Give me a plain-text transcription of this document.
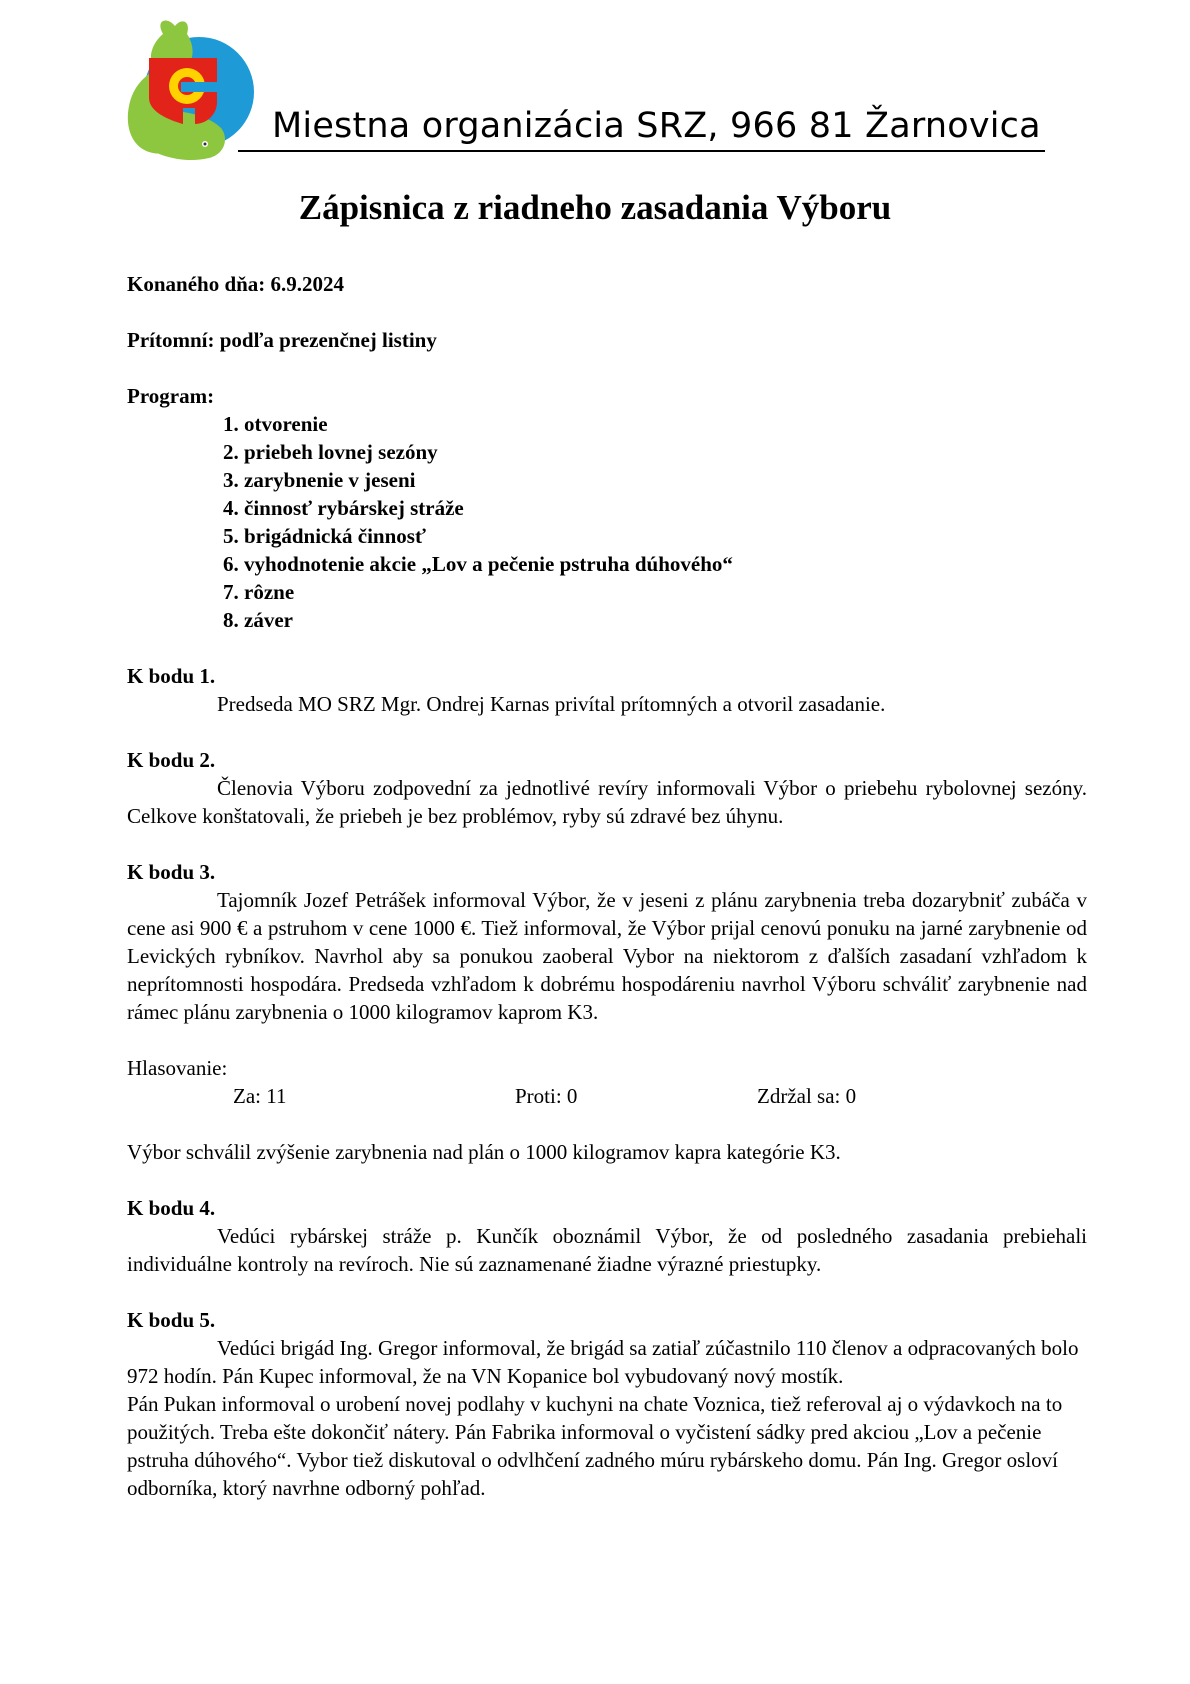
Miestna organizácia SRZ, 966 81 Žarnovica
Zápisnica z riadneho zasadania Výboru
Konaného dňa: 6.9.2024
Prítomní: podľa prezenčnej listiny
Program:
1. otvorenie
2. priebeh lovnej sezóny
3. zarybnenie v jeseni
4. činnosť rybárskej stráže
5. brigádnická činnosť
6. vyhodnotenie akcie „Lov a pečenie pstruha dúhového“
7. rôzne
8. záver
K bodu 1.

Predseda MO SRZ Mgr. Ondrej Karnas privítal prítomných a otvoril zasadanie.

K bodu 2.

Členovia Výboru zodpovední za jednotlivé revíry informovali Výbor o priebehu rybolovnej sezóny. Celkove konštatovali, že priebeh je bez problémov, ryby sú zdravé bez úhynu.

K bodu 3.

Tajomník Jozef Petrášek informoval Výbor, že v jeseni z plánu zarybnenia treba dozarybniť zubáča v cene asi 900 € a pstruhom v cene 1000 €. Tiež informoval, že Výbor prijal cenovú ponuku na jarné zarybnenie od Levických rybníkov. Navrhol aby sa ponukou zaoberal Vybor na niektorom z ďalších zasadaní vzhľadom k neprítomnosti hospodára. Predseda vzhľadom k dobrému hospodáreniu navrhol Výboru schváliť zarybnenie nad rámec plánu zarybnenia o 1000 kilogramov kaprom K3.

Hlasovanie:
Za: 11	Proti: 0	Zdržal sa: 0

Výbor schválil zvýšenie zarybnenia nad plán o 1000 kilogramov kapra kategórie K3.

K bodu 4.

Vedúci rybárskej stráže p. Kunčík oboznámil Výbor, že od posledného zasadania prebiehali individuálne kontroly na revíroch. Nie sú zaznamenané žiadne výrazné priestupky.

K bodu 5.

Vedúci brigád Ing. Gregor informoval, že brigád sa zatiaľ zúčastnilo 110 členov a odpracovaných bolo 972 hodín. Pán Kupec informoval, že na VN Kopanice bol vybudovaný nový mostík.

Pán Pukan informoval o urobení novej podlahy v kuchyni na chate Voznica, tiež referoval aj o výdavkoch na to použitých. Treba ešte dokončiť nátery. Pán Fabrika informoval o vyčistení sádky pred akciou „Lov a pečenie pstruha dúhového“. Vybor tiež diskutoval o odvlhčení zadného múru rybárskeho domu. Pán Ing. Gregor osloví odborníka, ktorý navrhne odborný pohľad.
